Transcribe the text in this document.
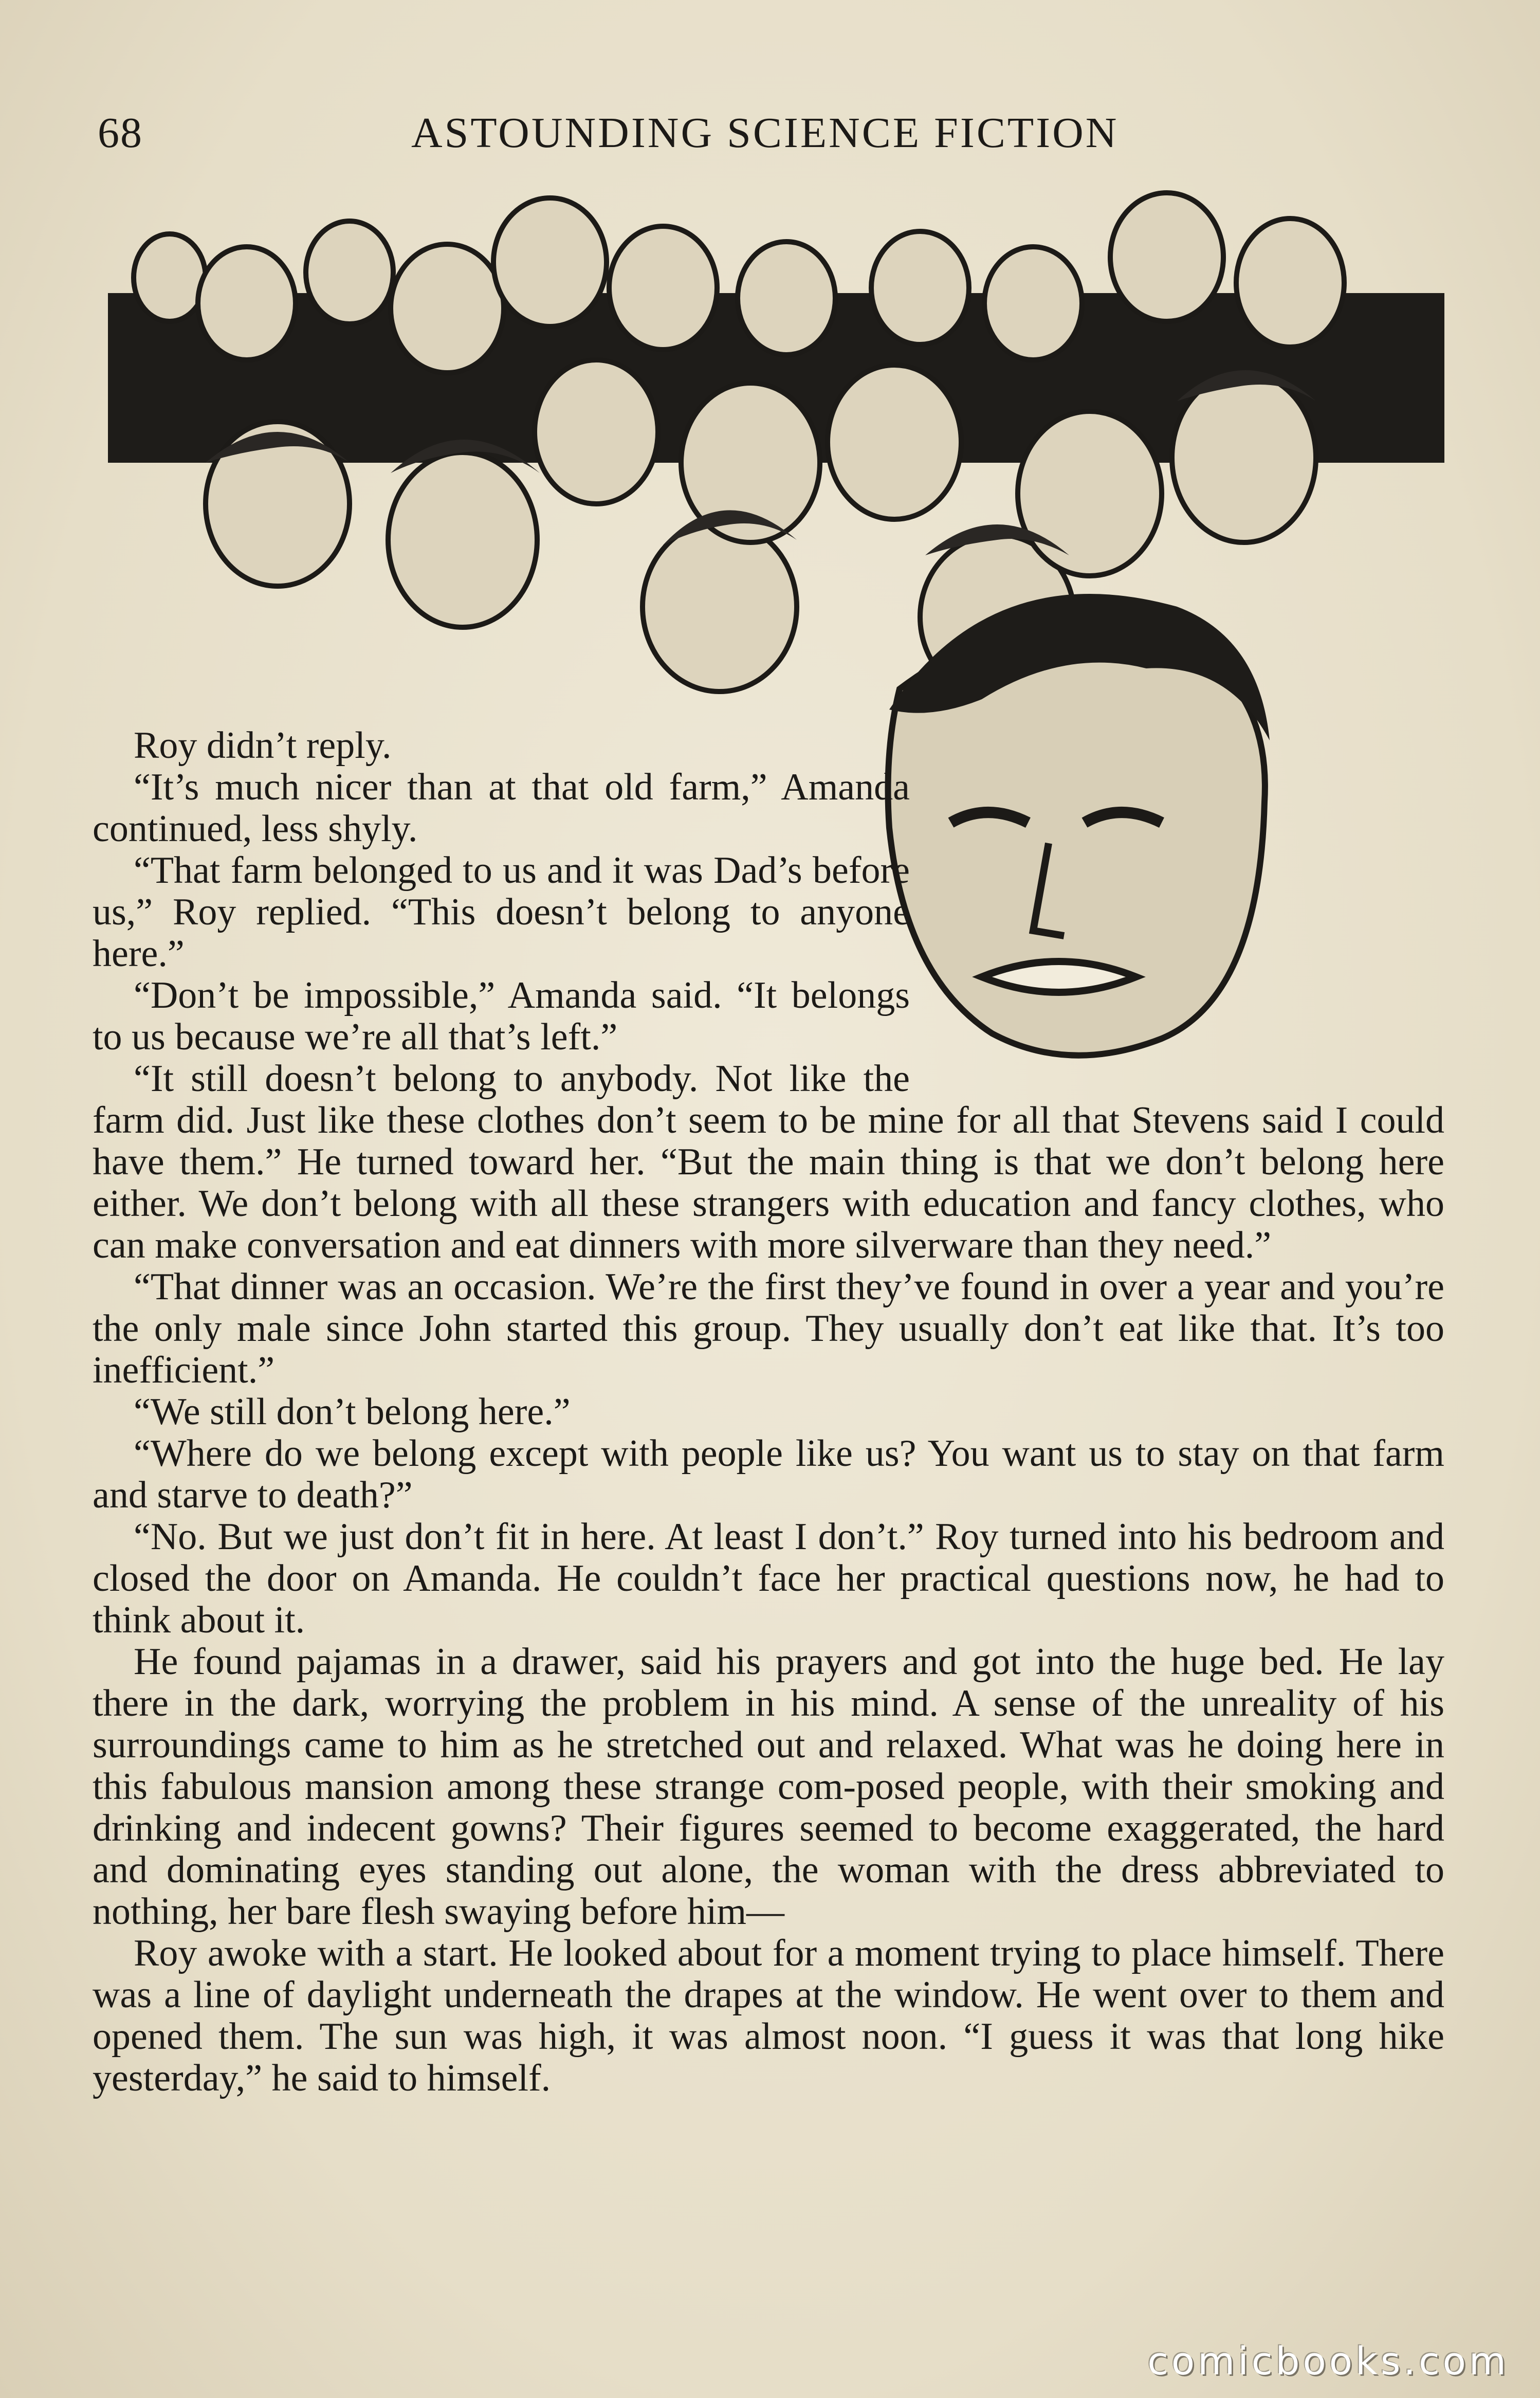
68	ASTOUNDING SCIENCE FICTION

Roy didn’t reply.

“It’s much nicer than at that old farm,” Amanda continued, less shyly.

“That farm belonged to us and it was Dad’s before us,” Roy replied. “This doesn’t belong to anyone here.”

“Don’t be impossible,” Amanda said. “It belongs to us because we’re all that’s left.”

“It still doesn’t belong to anybody. Not like the farm did. Just like these clothes don’t seem to be mine for all that Stevens said I could have them.” He turned toward her. “But the main thing is that we don’t belong here either. We don’t belong with all these strangers with education and fancy clothes, who can make conversation and eat dinners with more silverware than they need.”

“That dinner was an occasion. We’re the first they’ve found in over a year and you’re the only male since John started this group. They usually don’t eat like that. It’s too inefficient.”

“We still don’t belong here.”

“Where do we belong except with people like us? You want us to stay on that farm and starve to death?”

“No. But we just don’t fit in here. At least I don’t.” Roy turned into his bedroom and closed the door on Amanda. He couldn’t face her practical questions now, he had to think about it.

He found pajamas in a drawer, said his prayers and got into the huge bed. He lay there in the dark, worrying the problem in his mind. A sense of the unreality of his surroundings came to him as he stretched out and relaxed. What was he doing here in this fabulous mansion among these strange com-posed people, with their smoking and drinking and indecent gowns? Their figures seemed to become exaggerated, the hard and dominating eyes standing out alone, the woman with the dress abbreviated to nothing, her bare flesh swaying before him—

Roy awoke with a start. He looked about for a moment trying to place himself. There was a line of daylight underneath the drapes at the window. He went over to them and opened them. The sun was high, it was almost noon. “I guess it was that long hike yesterday,” he said to himself.

comicbooks.com
